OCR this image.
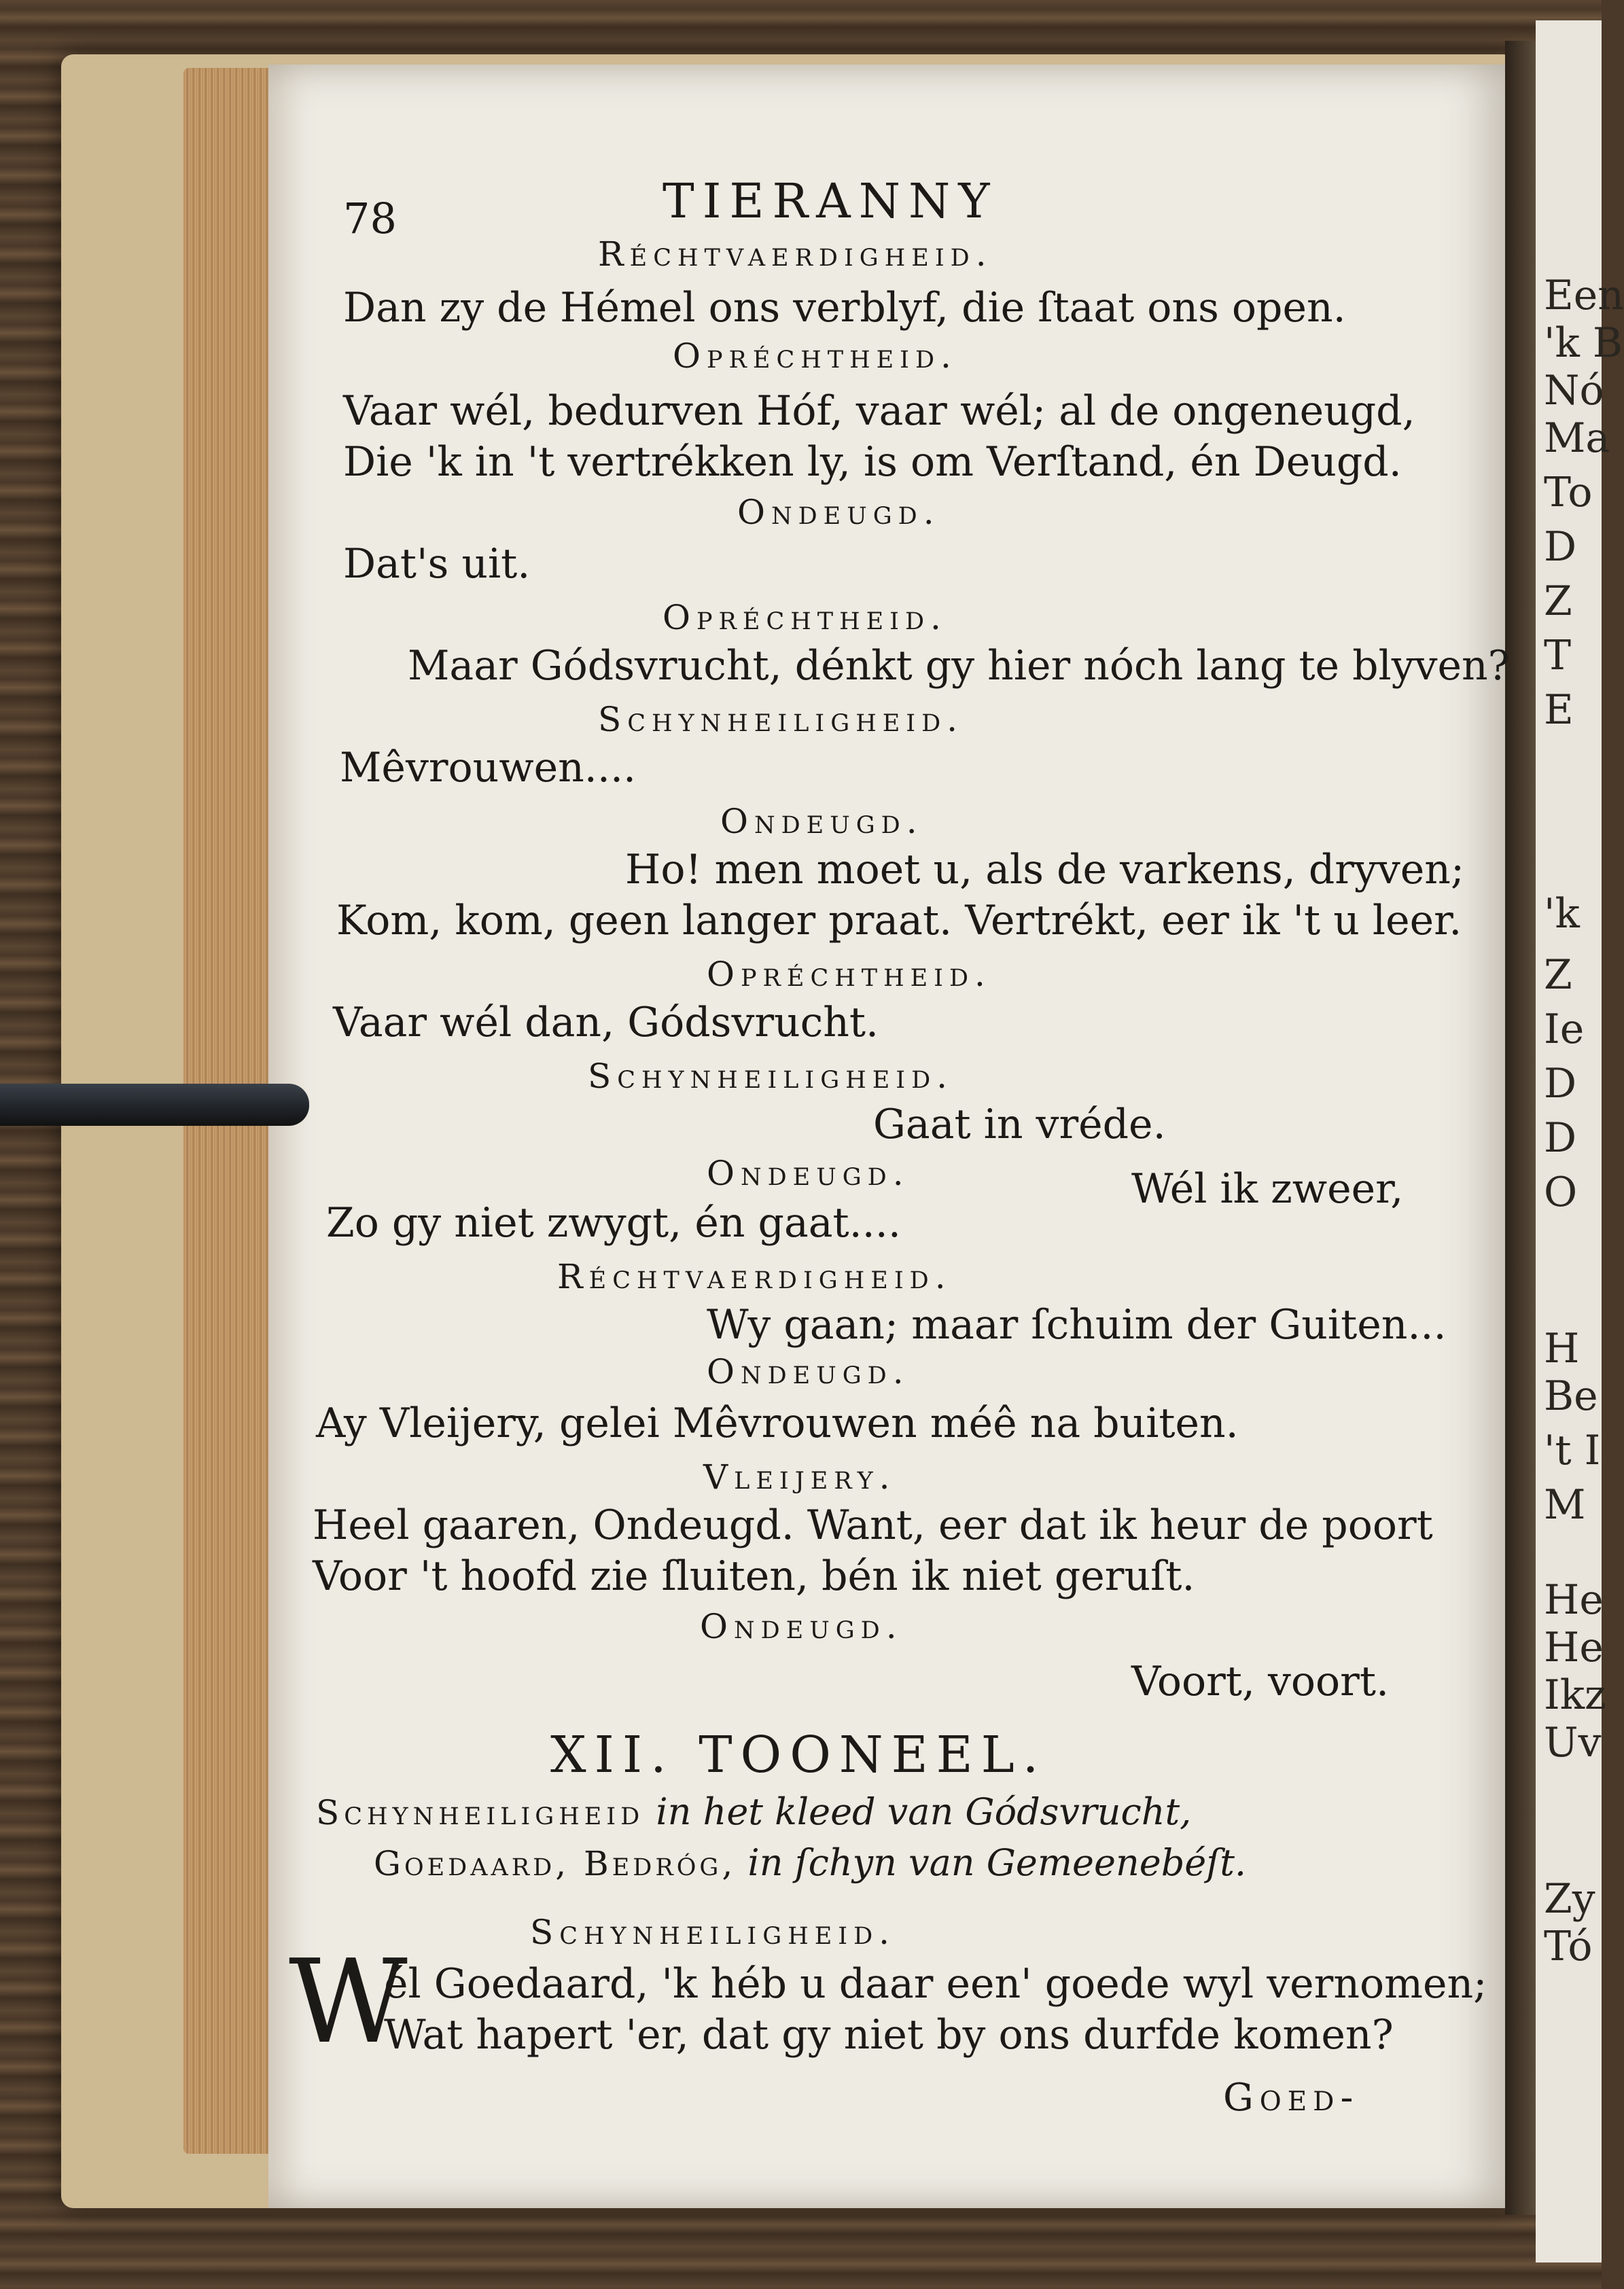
Een
'k B
Nó
Ma
To
D
Z
T
E
'k
Z
Ie
D
D
O
H
Be
't I
M
He
He
Ikz
Uv
Zy
Tó
78	TIERANNY
Réchtvaerdigheid.
Dan zy de Hémel ons verblyf, die ſtaat ons open.
Opréchtheid.
Vaar wél, bedurven Hóf, vaar wél; al de ongeneugd,
Die 'k in 't vertrékken ly, is om Verſtand, én Deugd.
Ondeugd.
Dat's uit.
Opréchtheid.
Maar Gódsvrucht, dénkt gy hier nóch lang te blyven?
Schynheiligheid.
Mêvrouwen....
Ondeugd.
Ho! men moet u, als de varkens, dryven;
Kom, kom, geen langer praat. Vertrékt, eer ik 't u leer.
Opréchtheid.
Vaar wél dan, Gódsvrucht.
Schynheiligheid.
Gaat in vréde.
Ondeugd.	Wél ik zweer,
Zo gy niet zwygt, én gaat....
Réchtvaerdigheid.
Wy gaan; maar ſchuim der Guiten...
Ondeugd.
Ay Vleijery, gelei Mêvrouwen méê na buiten.
Vleijery.
Heel gaaren, Ondeugd. Want, eer dat ik heur de poort
Voor 't hoofd zie ſluiten, bén ik niet geruſt.
Ondeugd.
Voort, voort.
XII. TOONEEL.
Schynheiligheid in het kleed van Gódsvrucht,
Goedaard, Bedróg, in ſchyn van Gemeenebéſt.
Schynheiligheid.
W
él Goedaard, 'k héb u daar een' goede wyl vernomen;
Wat hapert 'er, dat gy niet by ons durfde komen?
Goed-
